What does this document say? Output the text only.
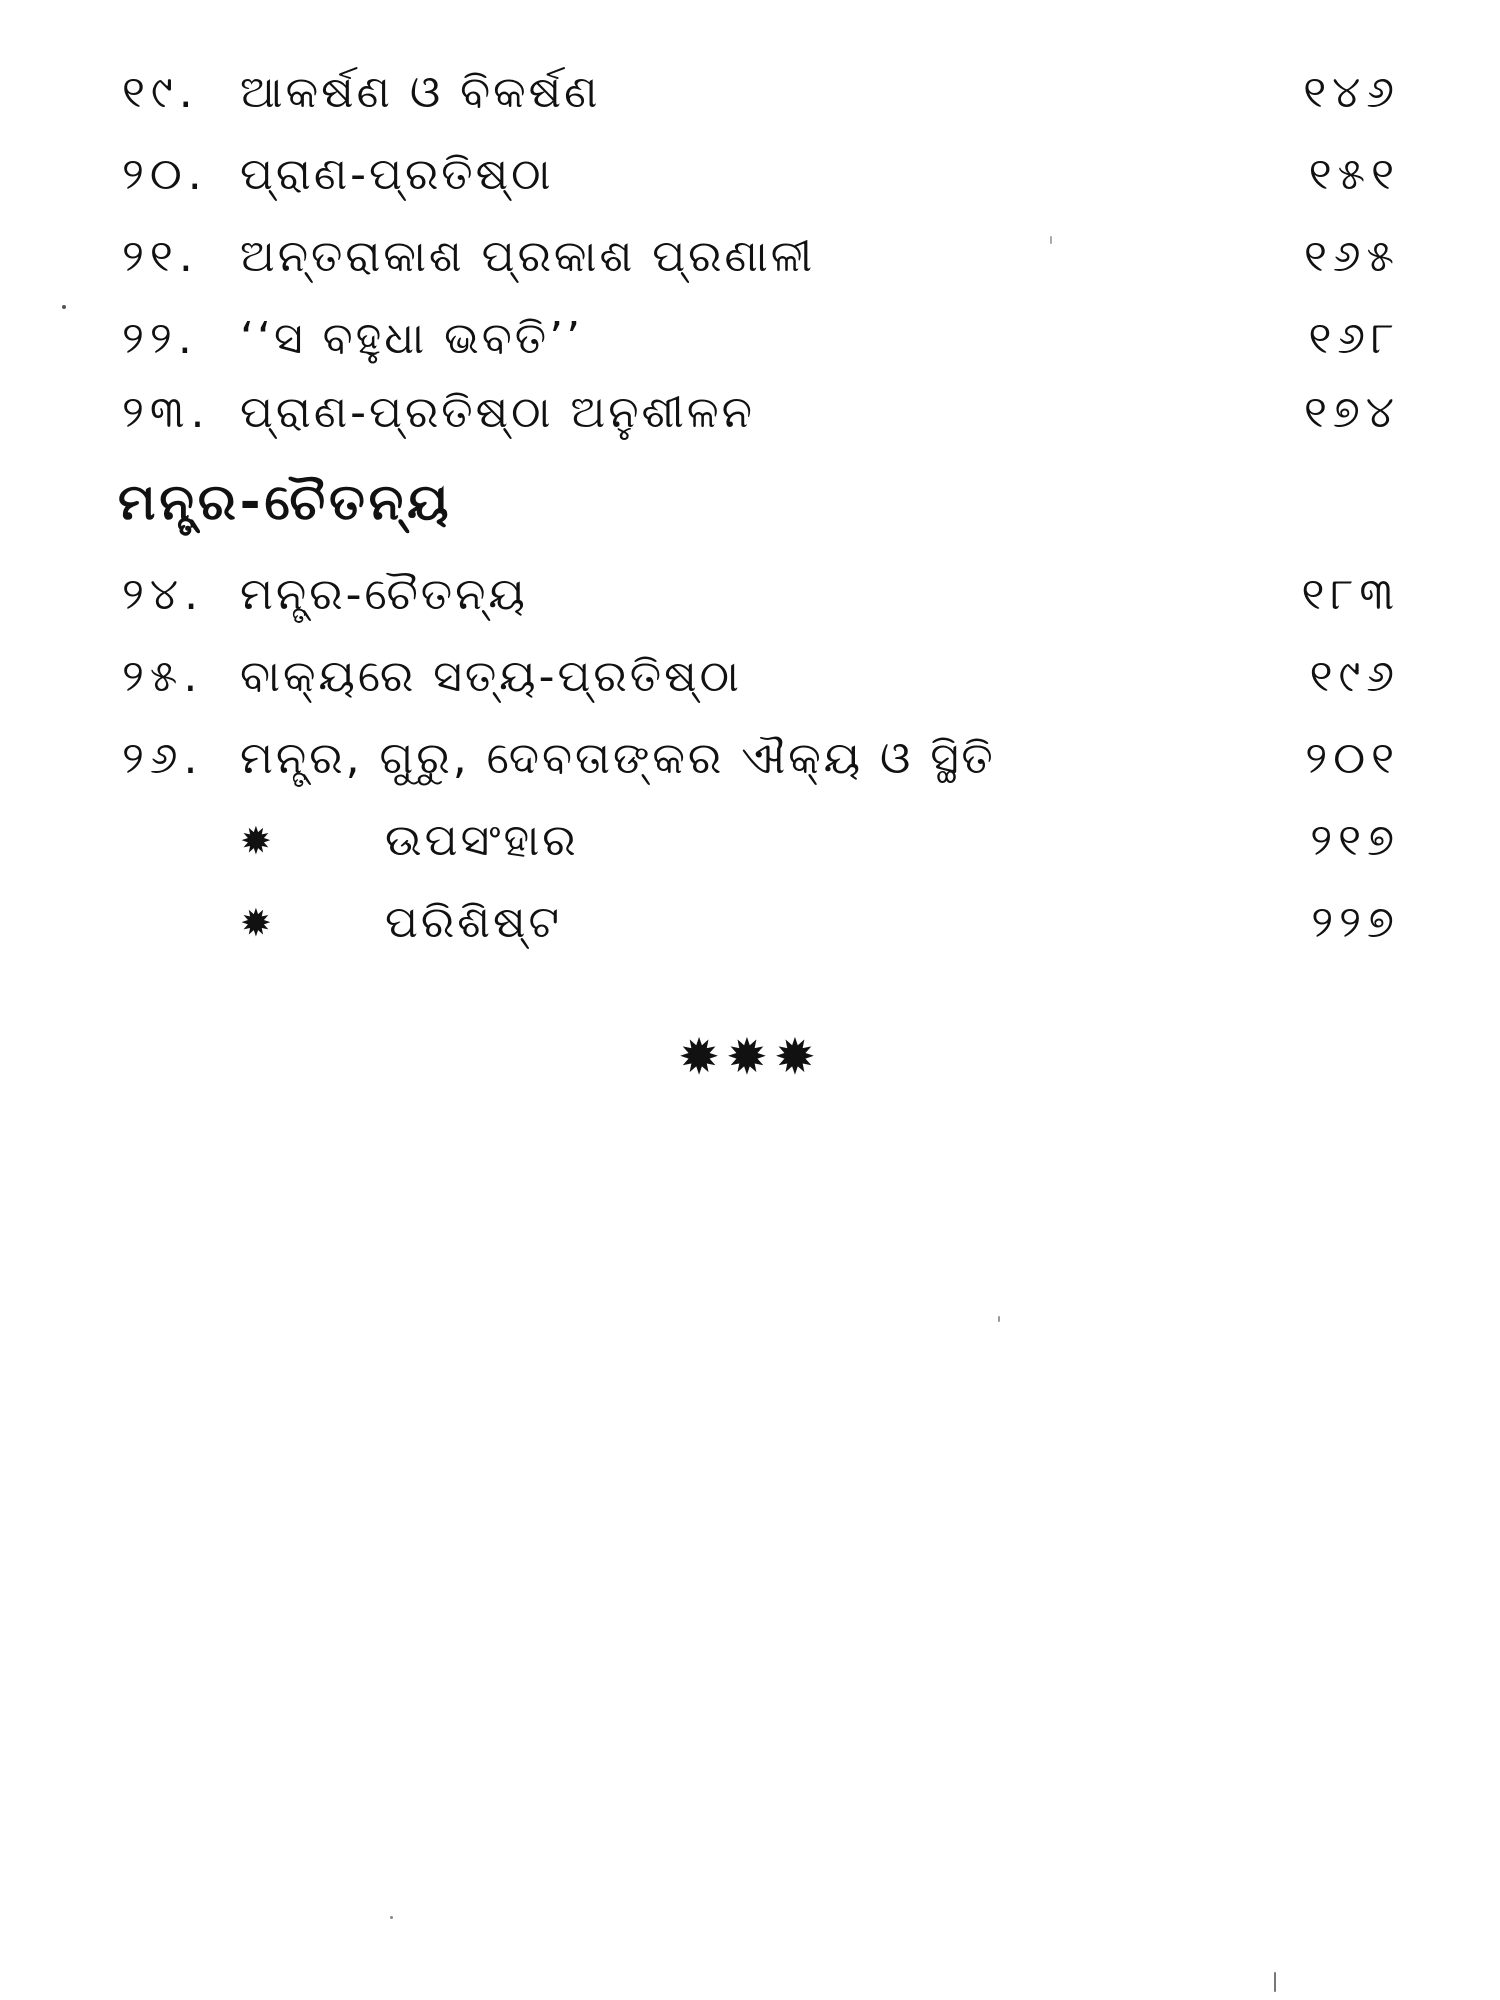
୧୯. ଆକର୍ଷଣ ଓ ବିକର୍ଷଣ	୧୪୬
୨୦. ପ୍ରାଣ-ପ୍ରତିଷ୍ଠା	୧୫୧
୨୧. ଅନ୍ତରାକାଶ ପ୍ରକାଶ ପ୍ରଣାଳୀ	୧୬୫
୨୨. ‘‘ସ ବହୁଧା ଭବତି’’	୧୬୮
୨୩. ପ୍ରାଣ-ପ୍ରତିଷ୍ଠା ଅନୁଶୀଳନ	୧୭୪
ମନ୍ତ୍ର-ଚୈତନ୍ୟ
୨୪. ମନ୍ତ୍ର-ଚୈତନ୍ୟ	୧୮୩
୨୫. ବାକ୍ୟରେ ସତ୍ୟ-ପ୍ରତିଷ୍ଠା	୧୯୬
୨୬. ମନ୍ତ୍ର, ଗୁରୁ, ଦେବତାଙ୍କର ଐକ୍ୟ ଓ ସ୍ଥିତି	୨୦୧
✹	ଉପସଂହାର	୨୧୭
✹	ପରିଶିଷ୍ଟ	୨୨୭
✹✹✹
